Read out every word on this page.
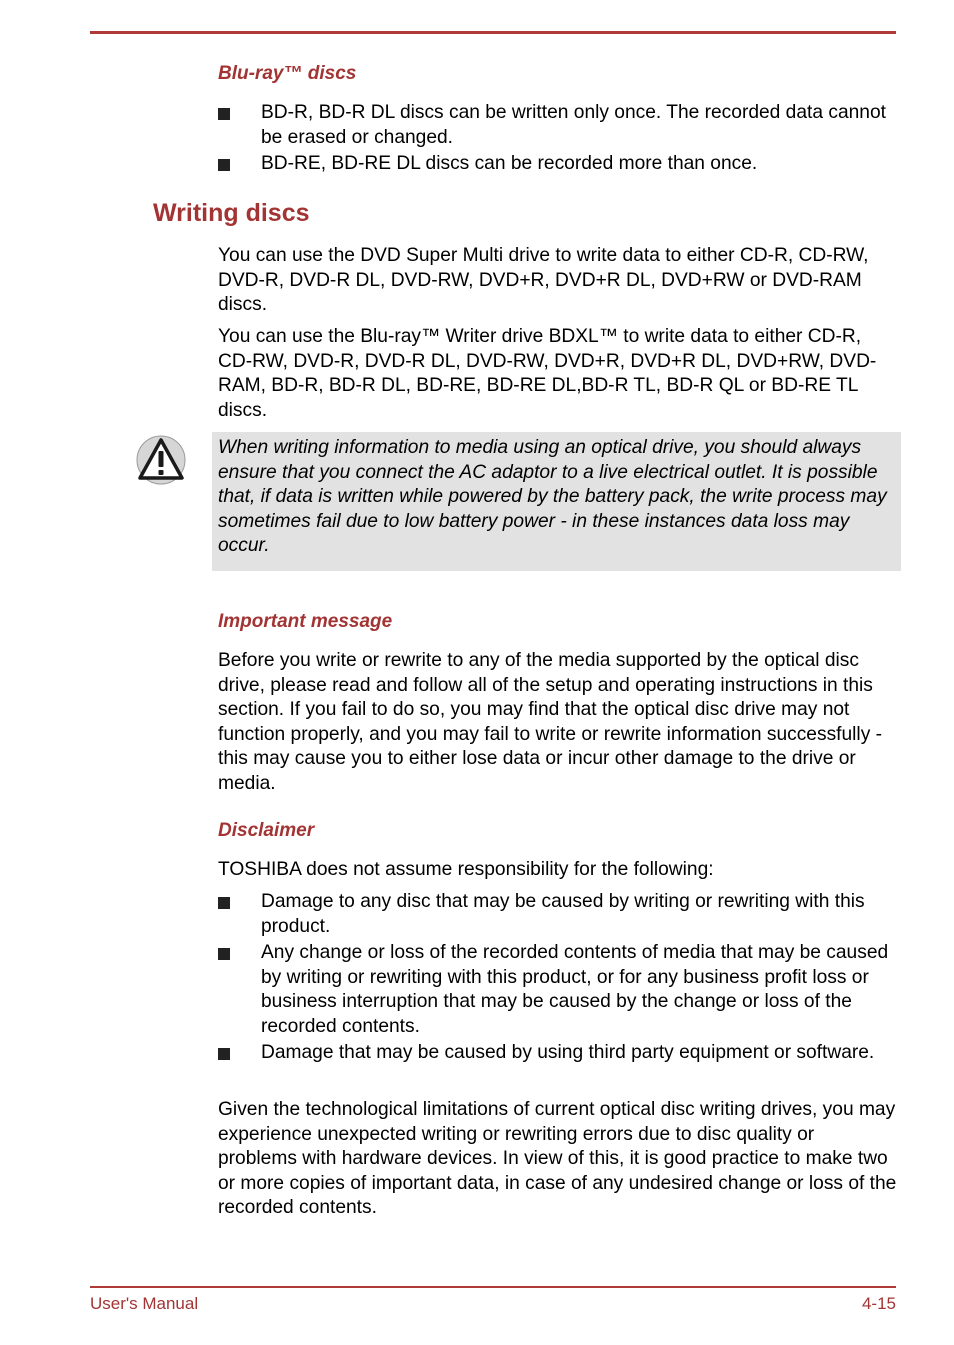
Blu-ray™ discs
BD-R, BD-R DL discs can be written only once. The recorded data cannot be erased or changed.
BD-RE, BD-RE DL discs can be recorded more than once.
Writing discs

You can use the DVD Super Multi drive to write data to either CD-R, CD-RW, DVD-R, DVD-R DL, DVD-RW, DVD+R, DVD+R DL, DVD+RW or DVD-RAM discs.

You can use the Blu-ray™ Writer drive BDXL™ to write data to either CD-R, CD-RW, DVD-R, DVD-R DL, DVD-RW, DVD+R, DVD+R DL, DVD+RW, DVD-RAM, BD-R, BD-R DL, BD-RE, BD-RE DL,BD-R TL, BD-R QL or BD-RE TL discs.

When writing information to media using an optical drive, you should always ensure that you connect the AC adaptor to a live electrical outlet. It is possible that, if data is written while powered by the battery pack, the write process may sometimes fail due to low battery power - in these instances data loss may occur.

Important message

Before you write or rewrite to any of the media supported by the optical disc drive, please read and follow all of the setup and operating instructions in this section. If you fail to do so, you may find that the optical disc drive may not function properly, and you may fail to write or rewrite information successfully - this may cause you to either lose data or incur other damage to the drive or media.

Disclaimer

TOSHIBA does not assume responsibility for the following:

Damage to any disc that may be caused by writing or rewriting with this product.
Any change or loss of the recorded contents of media that may be caused by writing or rewriting with this product, or for any business profit loss or business interruption that may be caused by the change or loss of the recorded contents.
Damage that may be caused by using third party equipment or software.

Given the technological limitations of current optical disc writing drives, you may experience unexpected writing or rewriting errors due to disc quality or problems with hardware devices. In view of this, it is good practice to make two or more copies of important data, in case of any undesired change or loss of the recorded contents.

User's Manual	4-15
